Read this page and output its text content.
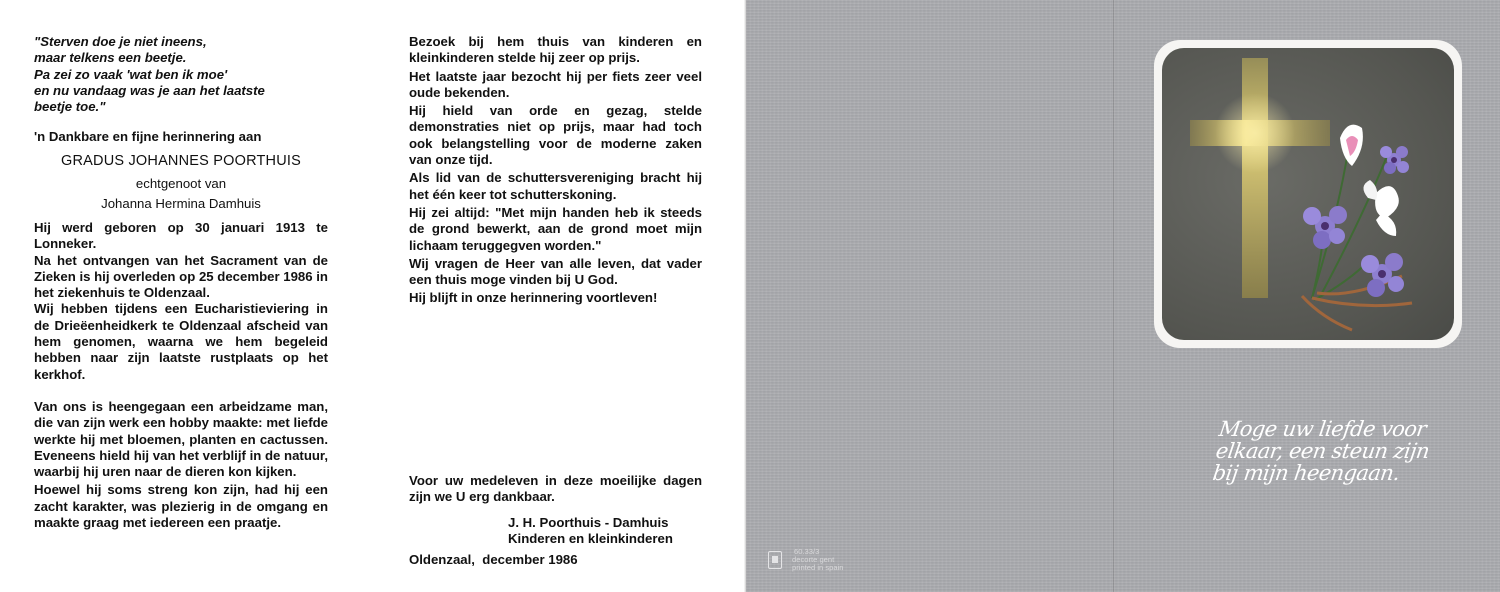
"Sterven doe je niet ineens,
maar telkens een beetje.
Pa zei zo vaak 'wat ben ik moe'
en nu vandaag was je aan het laatste
beetje toe."
'n Dankbare en fijne herinnering aan
GRADUS JOHANNES POORTHUIS
echtgenoot van
Johanna Hermina Damhuis

Hij werd geboren op 30 januari 1913 te Lonneker.

Na het ontvangen van het Sacrament van de Zieken is hij overleden op 25 december 1986 in het ziekenhuis te Oldenzaal.

Wij hebben tijdens een Eucharistieviering in de Drieëenheidkerk te Oldenzaal afscheid van hem genomen, waarna we hem begeleid hebben naar zijn laatste rustplaats op het kerkhof.

Van ons is heengegaan een arbeidzame man, die van zijn werk een hobby maakte: met liefde werkte hij met bloemen, planten en cactussen. Eveneens hield hij van het verblijf in de natuur, waarbij hij uren naar de dieren kon kijken.

Hoewel hij soms streng kon zijn, had hij een zacht karakter, was plezierig in de omgang en maakte graag met iedereen een praatje.

Bezoek bij hem thuis van kinderen en kleinkinderen stelde hij zeer op prijs.

Het laatste jaar bezocht hij per fiets zeer veel oude bekenden.

Hij hield van orde en gezag, stelde demonstraties niet op prijs, maar had toch ook belangstelling voor de moderne zaken van onze tijd.

Als lid van de schuttersvereniging bracht hij het één keer tot schutterskoning.

Hij zei altijd: "Met mijn handen heb ik steeds de grond bewerkt, aan de grond moet mijn lichaam teruggegven worden."

Wij vragen de Heer van alle leven, dat vader een thuis moge vinden bij U God.

Hij blijft in onze herinnering voortleven!

Voor uw medeleven in deze moeilijke dagen zijn we U erg dankbaar.
J. H. Poorthuis - Damhuis
Kinderen en kleinkinderen
Oldenzaal,  december 1986
Moge uw liefde voor
elkaar, een steun zijn
bij mijn heengaan.
60.33/3
decorte gent
printed in spain
